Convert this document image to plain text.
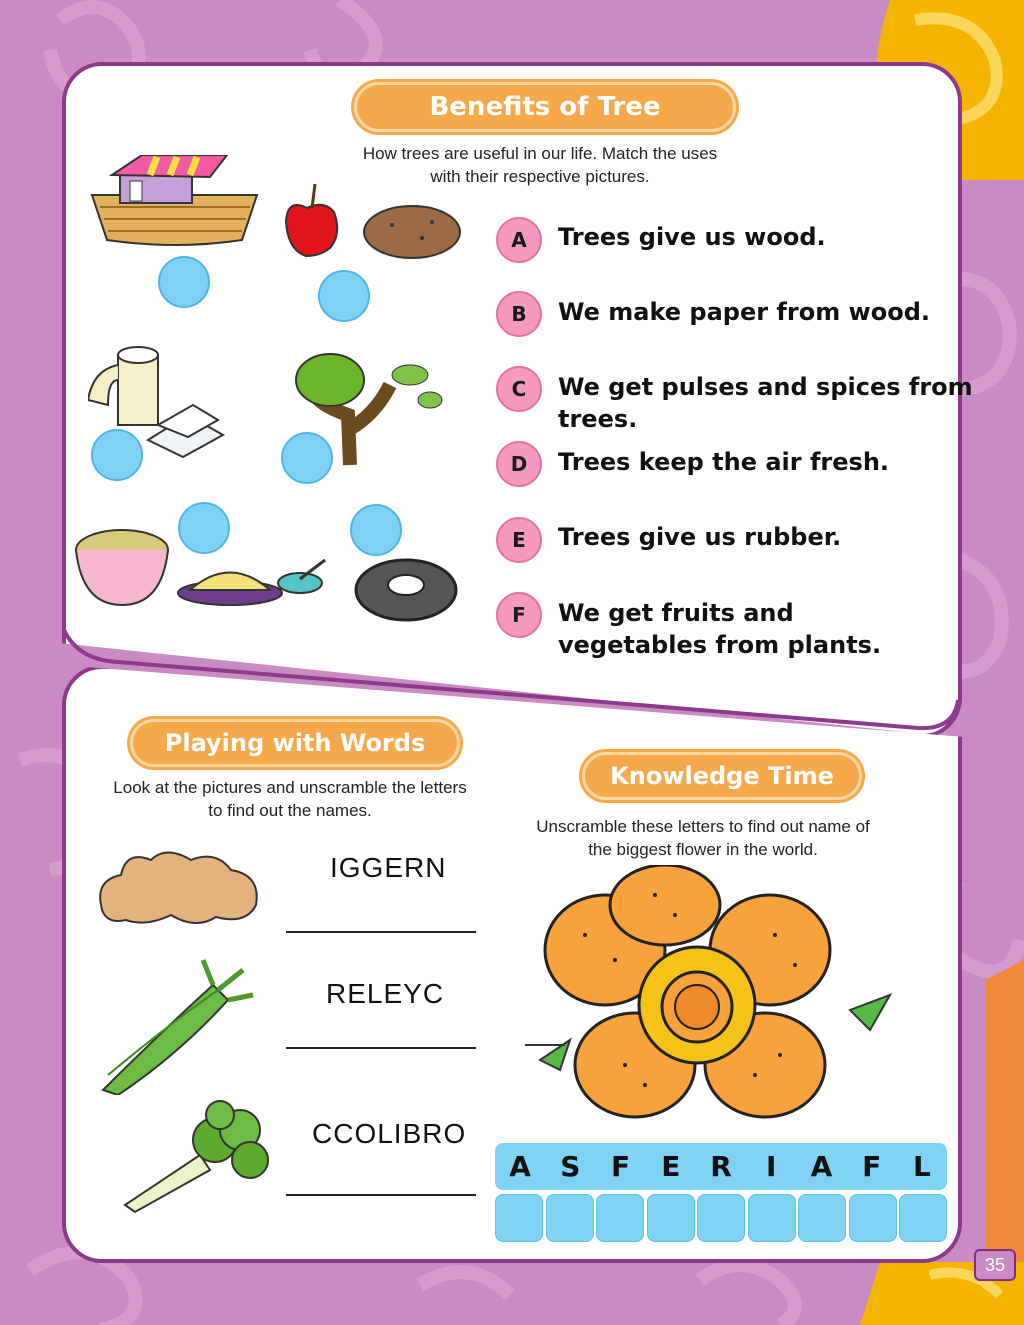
Benefits of Tree
How trees are useful in our life. Match the uses
with their respective pictures.
A	Trees give us wood.
B	We make paper from wood.
C	We get pulses and spices from
trees.
D	Trees keep the air fresh.
E	Trees give us rubber.
F	We get fruits and
vegetables from plants.
Playing with Words
Look at the pictures and unscramble the letters
to find out the names.
Knowledge Time
Unscramble these letters to find out name of
the biggest flower in the world.
IGGERN
RELEYC
CCOLIBRO
A	S	F	E	R	I	A	F	L
35
